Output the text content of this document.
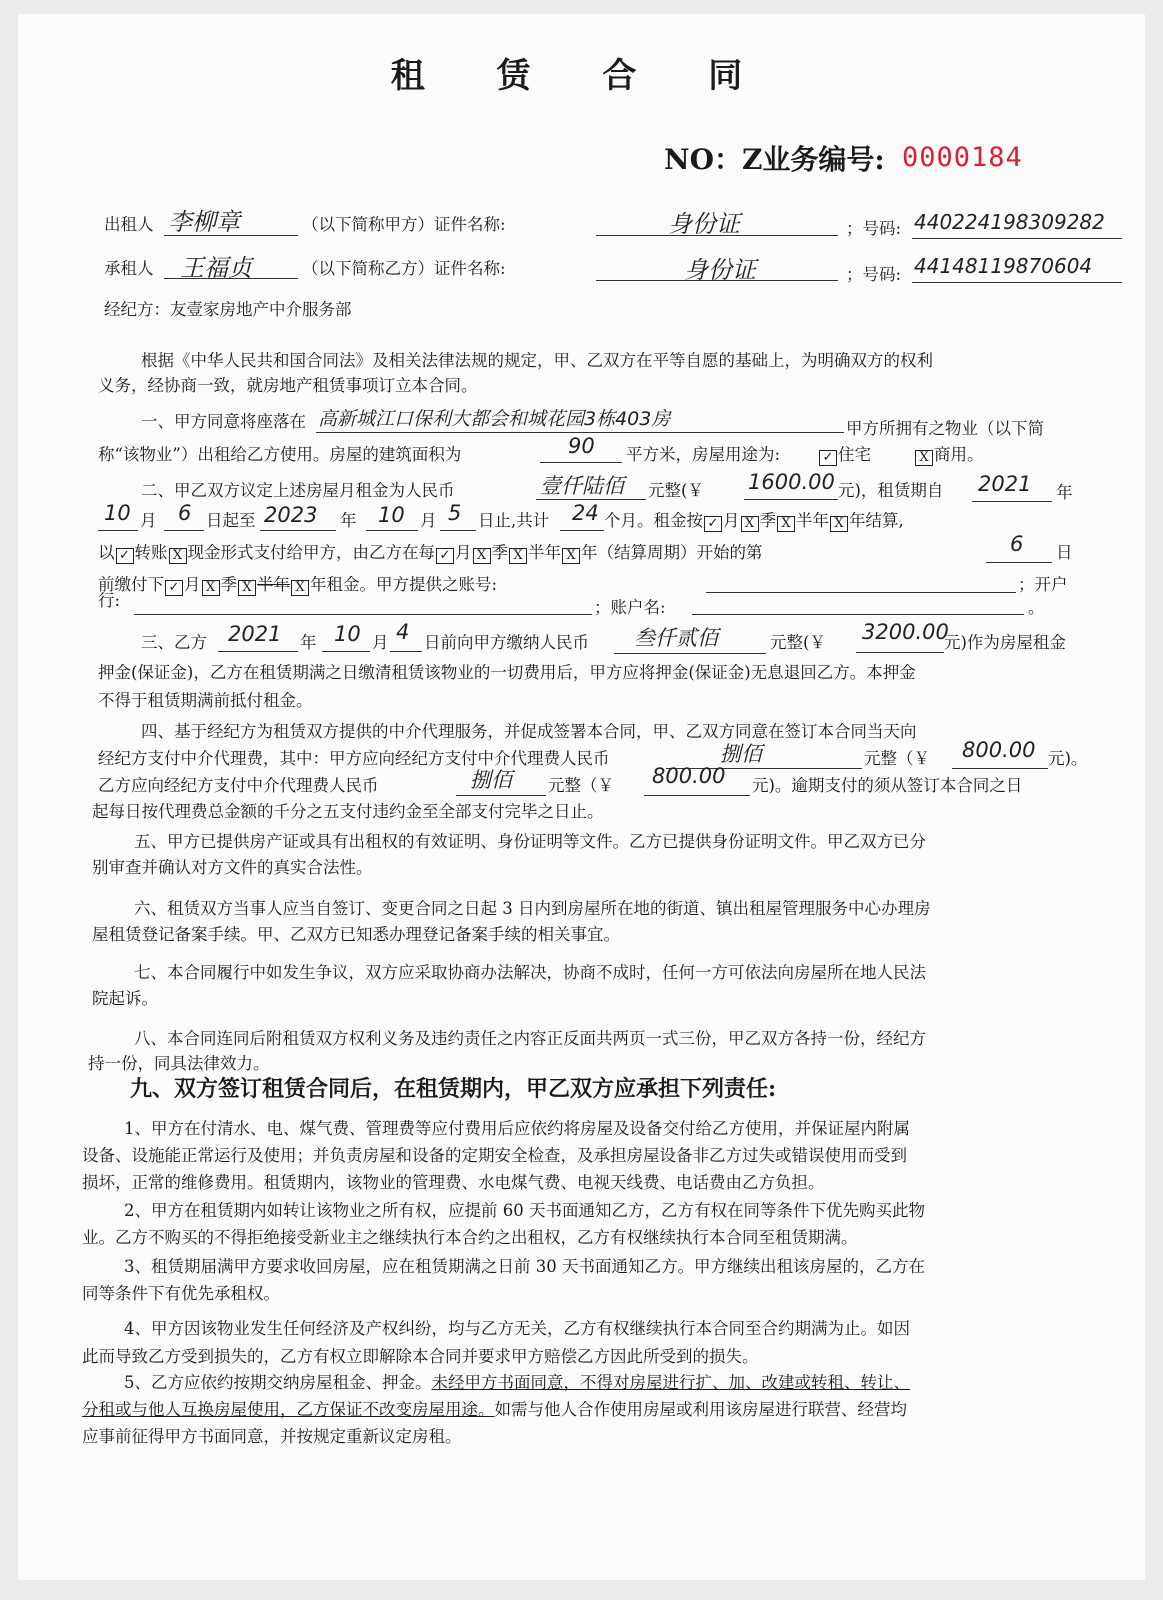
租 赁 合 同
NO：Z业务编号: 0000184
出租人 李柳章	（以下简称甲方）证件名称:	身份证	；号码: 440224198309282
承租人 王福贞	（以下简称乙方）证件名称:	身份证	；号码: 44148119870604
经纪方：友壹家房地产中介服务部
根据《中华人民共和国合同法》及相关法律法规的规定，甲、乙双方在平等自愿的基础上，为明确双方的权利
义务，经协商一致，就房地产租赁事项订立本合同。
一、甲方同意将座落在 高新城江口保利大都会和城花园3栋403房	甲方所拥有之物业（以下简
称“该物业”）出租给乙方使用。房屋的建筑面积为	90 平方米，房屋用途为:	✓ 住宅	X 商用。
二、甲乙双方议定上述房屋月租金为人民币	壹仟陆佰 元整(￥ 1600.00 元)，租赁期自 2021 年
10 月 6 日起至 2023 年 10 月 5 日止,共计 24 个月。租金按 ✓ 月 X 季 X 半年 X 年结算,
以 ✓ 转账 X 现金形式支付给甲方，由乙方在每 ✓ 月 X 季 X 半年 X 年（结算周期）开始的第	6 日
前缴付下 ✓ 月 X 季 X 半年 X 年租金。甲方提供之账号:	；开户
行:	；账户名:	。
三、乙方 2021 年 10 月 4 日前向甲方缴纳人民币 叁仟贰佰	元整(￥ 3200.00
元)作为房屋租金
押金(保证金)，乙方在租赁期满之日缴清租赁该物业的一切费用后，甲方应将押金(保证金)无息退回乙方。本押金
不得于租赁期满前抵付租金。
四、基于经纪方为租赁双方提供的中介代理服务，并促成签署本合同，甲、乙双方同意在签订本合同当天向
经纪方支付中介代理费，其中：甲方应向经纪方支付中介代理费人民币	捌佰	元整（￥ 800.00 元)。
乙方应向经纪方支付中介代理费人民币	捌佰 元整（￥ 800.00 元)。逾期支付的须从签订本合同之日
起每日按代理费总金额的千分之五支付违约金至全部支付完毕之日止。
五、甲方已提供房产证或具有出租权的有效证明、身份证明等文件。乙方已提供身份证明文件。甲乙双方已分
别审查并确认对方文件的真实合法性。
六、租赁双方当事人应当自签订、变更合同之日起 3 日内到房屋所在地的街道、镇出租屋管理服务中心办理房
屋租赁登记备案手续。甲、乙双方已知悉办理登记备案手续的相关事宜。
七、本合同履行中如发生争议，双方应采取协商办法解决，协商不成时，任何一方可依法向房屋所在地人民法
院起诉。
八、本合同连同后附租赁双方权利义务及违约责任之内容正反面共两页一式三份，甲乙双方各持一份，经纪方
持一份，同具法律效力。
九、双方签订租赁合同后，在租赁期内，甲乙双方应承担下列责任:
1、甲方在付清水、电、煤气费、管理费等应付费用后应依约将房屋及设备交付给乙方使用，并保证屋内附属
设备、设施能正常运行及使用；并负责房屋和设备的定期安全检查，及承担房屋设备非乙方过失或错误使用而受到
损坏，正常的维修费用。租赁期内，该物业的管理费、水电煤气费、电视天线费、电话费由乙方负担。
2、甲方在租赁期内如转让该物业之所有权，应提前 60 天书面通知乙方，乙方有权在同等条件下优先购买此物
业。乙方不购买的不得拒绝接受新业主之继续执行本合约之出租权，乙方有权继续执行本合同至租赁期满。
3、租赁期届满甲方要求收回房屋，应在租赁期满之日前 30 天书面通知乙方。甲方继续出租该房屋的，乙方在
同等条件下有优先承租权。
4、甲方因该物业发生任何经济及产权纠纷，均与乙方无关，乙方有权继续执行本合同至合约期满为止。如因
此而导致乙方受到损失的，乙方有权立即解除本合同并要求甲方赔偿乙方因此所受到的损失。
5、乙方应依约按期交纳房屋租金、押金。未经甲方书面同意，不得对房屋进行扩、加、改建或转租、转让、
分租或与他人互换房屋使用，乙方保证不改变房屋用途。如需与他人合作使用房屋或利用该房屋进行联营、经营均
应事前征得甲方书面同意，并按规定重新议定房租。
